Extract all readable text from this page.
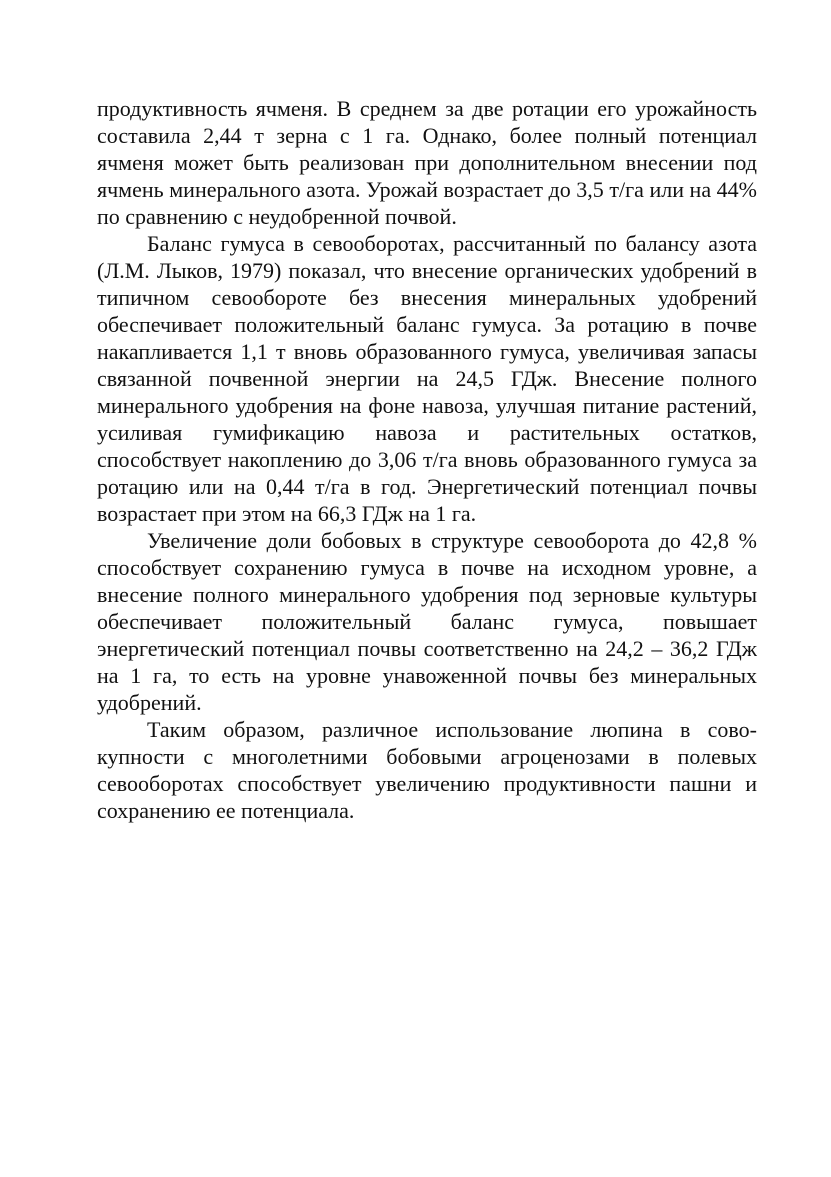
продуктивность ячменя. В среднем за две ротации его урожайность составила 2,44 т зерна с 1 га. Однако, более полный потенциал ячменя может быть реализован при дополнительном внесении под ячмень минерального азота. Урожай возрастает до 3,5 т/га или на 44% по сравнению с неудобренной почвой.

Баланс гумуса в севооборотах, рассчитанный по балансу азота (Л.М. Лыков, 1979) показал, что внесение органических удобрений в типичном севообороте без внесения минеральных удобрений обеспечивает положительный баланс гумуса. За ротацию в почве накапливается 1,1 т вновь образованного гумуса, увеличивая запасы связанной почвенной энергии на 24,5 ГДж. Внесение полного минерального удобрения на фоне навоза, улучшая питание растений, усиливая гумификацию навоза и растительных остатков, способствует накоплению до 3,06 т/га вновь образованного гумуса за ротацию или на 0,44 т/га в год. Энергетический потенциал почвы возрастает при этом на 66,3 ГДж на 1 га.

Увеличение доли бобовых в структуре севооборота до 42,8 % способствует сохранению гумуса в почве на исходном уровне, а внесение полного минерального удобрения под зерновые культуры обеспечивает положительный баланс гумуса, повышает энергетический потенциал почвы соответственно на 24,2 – 36,2 ГДж на 1 га, то есть на уровне унавоженной почвы без минеральных удобрений.

Таким образом, различное использование люпина в совокупности с многолетними бобовыми агроценозами в полевых севооборотах способствует увеличению продуктивности пашни и сохранению ее потенциала.
